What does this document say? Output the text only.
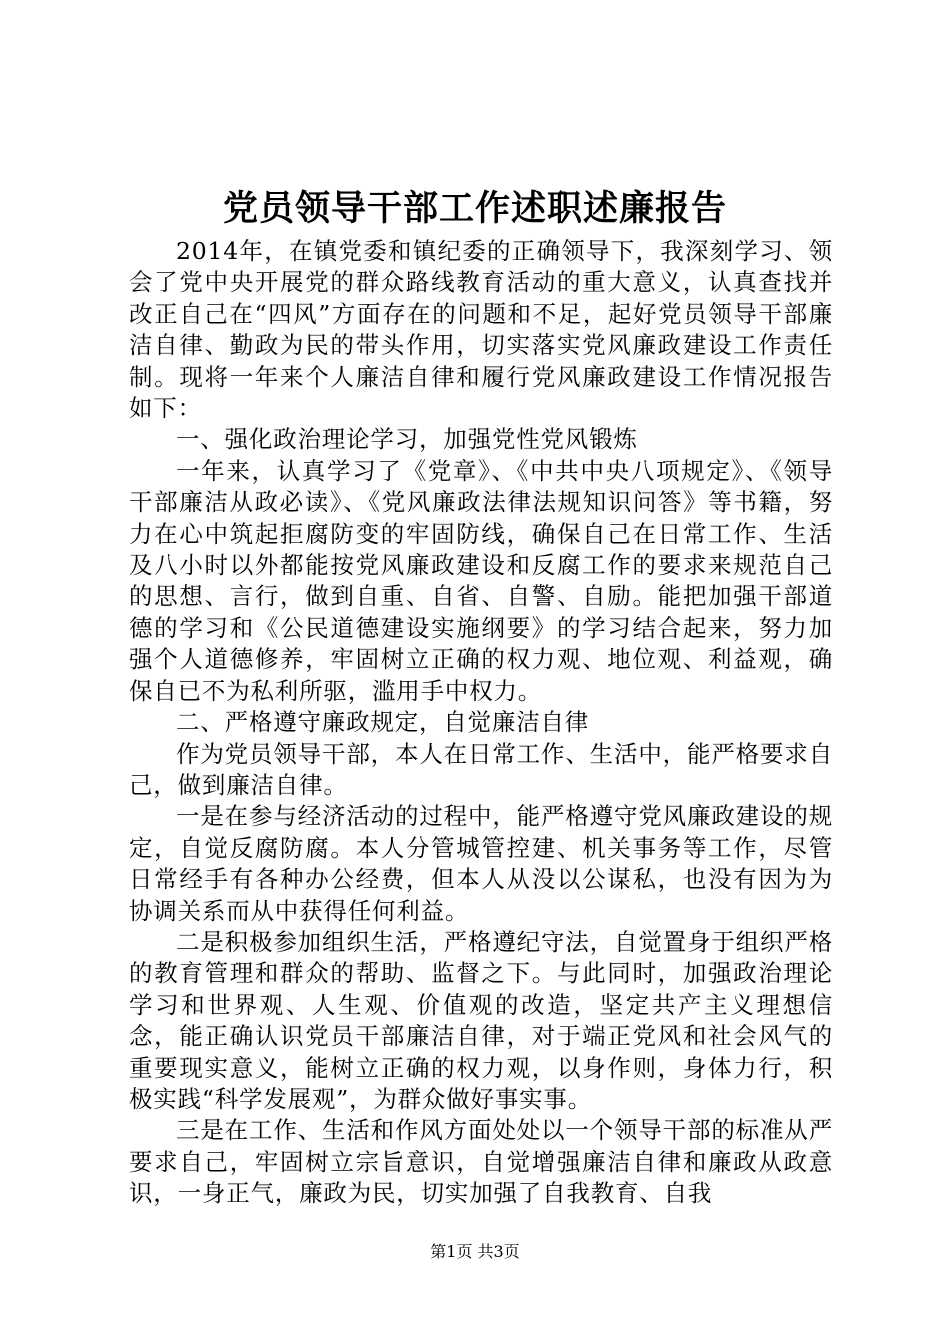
党员领导干部工作述职述廉报告

2014年，在镇党委和镇纪委的正确领导下，我深刻学习、领会了党中央开展党的群众路线教育活动的重大意义，认真查找并改正自己在“四风”方面存在的问题和不足，起好党员领导干部廉洁自律、勤政为民的带头作用，切实落实党风廉政建设工作责任制。现将一年来个人廉洁自律和履行党风廉政建设工作情况报告如下：

一、强化政治理论学习，加强党性党风锻炼

一年来，认真学习了《党章》、《中共中央八项规定》、《领导干部廉洁从政必读》、《党风廉政法律法规知识问答》等书籍，努力在心中筑起拒腐防变的牢固防线，确保自己在日常工作、生活及八小时以外都能按党风廉政建设和反腐工作的要求来规范自己的思想、言行，做到自重、自省、自警、自励。能把加强干部道德的学习和《公民道德建设实施纲要》的学习结合起来，努力加强个人道德修养，牢固树立正确的权力观、地位观、利益观，确保自已不为私利所驱，滥用手中权力。

二、严格遵守廉政规定，自觉廉洁自律

作为党员领导干部，本人在日常工作、生活中，能严格要求自己，做到廉洁自律。

一是在参与经济活动的过程中，能严格遵守党风廉政建设的规定，自觉反腐防腐。本人分管城管控建、机关事务等工作，尽管日常经手有各种办公经费，但本人从没以公谋私，也没有因为为协调关系而从中获得任何利益。

二是积极参加组织生活，严格遵纪守法，自觉置身于组织严格的教育管理和群众的帮助、监督之下。与此同时，加强政治理论学习和世界观、人生观、价值观的改造，坚定共产主义理想信念，能正确认识党员干部廉洁自律，对于端正党风和社会风气的重要现实意义，能树立正确的权力观，以身作则，身体力行，积极实践“科学发展观”，为群众做好事实事。

三是在工作、生活和作风方面处处以一个领导干部的标准从严要求自己，牢固树立宗旨意识，自觉增强廉洁自律和廉政从政意识，一身正气，廉政为民，切实加强了自我教育、自我

第1页 共3页
